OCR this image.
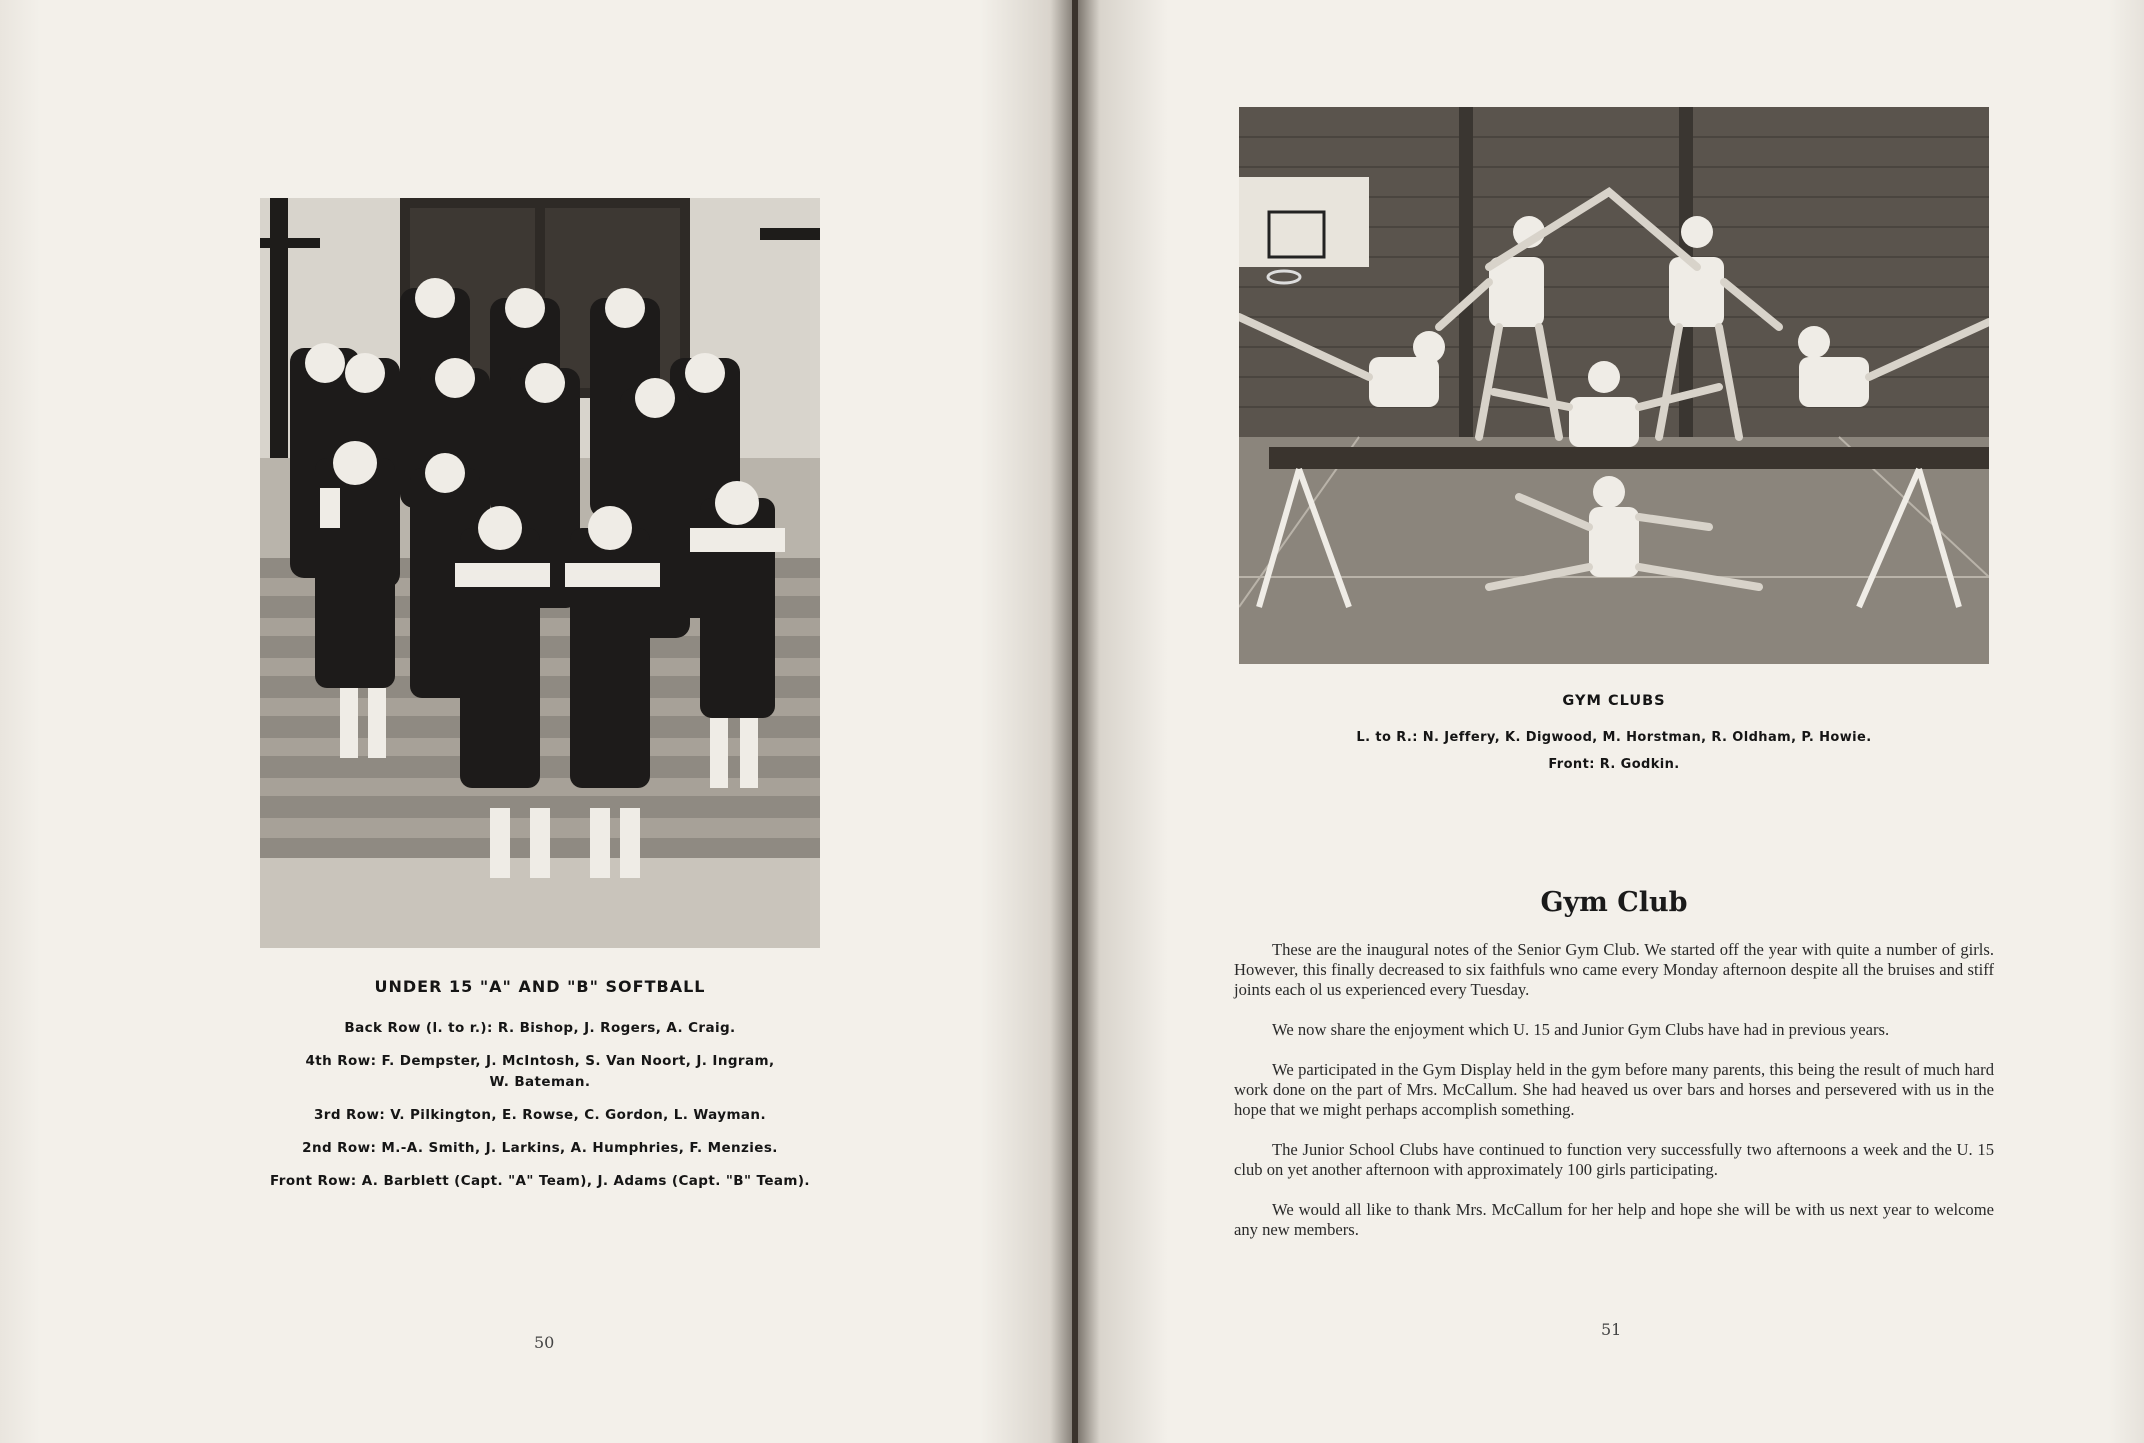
UNDER 15 "A" AND "B" SOFTBALL
Back Row (l. to r.): R. Bishop, J. Rogers, A. Craig.
4th Row: F. Dempster, J. McIntosh, S. Van Noort, J. Ingram,
W. Bateman.
3rd Row: V. Pilkington, E. Rowse, C. Gordon, L. Wayman.
2nd Row: M.-A. Smith, J. Larkins, A. Humphries, F. Menzies.
Front Row: A. Barblett (Capt. "A" Team), J. Adams (Capt. "B" Team).
50
GYM CLUBS
L. to R.: N. Jeffery, K. Digwood, M. Horstman, R. Oldham, P. Howie.
Front: R. Godkin.
Gym Club

These are the inaugural notes of the Senior Gym Club. We started off the year with quite a number of girls. However, this finally decreased to six faithfuls wno came every Monday afternoon despite all the bruises and stiff joints each ol us experienced every Tuesday.

We now share the enjoyment which U. 15 and Junior Gym Clubs have had in previous years.

We participated in the Gym Display held in the gym before many parents, this being the result of much hard work done on the part of Mrs. McCallum. She had heaved us over bars and horses and persevered with us in the hope that we might perhaps accomplish something.

The Junior School Clubs have continued to function very successfully two afternoons a week and the U. 15 club on yet another afternoon with approximately 100 girls participating.

We would all like to thank Mrs. McCallum for her help and hope she will be with us next year to welcome any new members.

51
